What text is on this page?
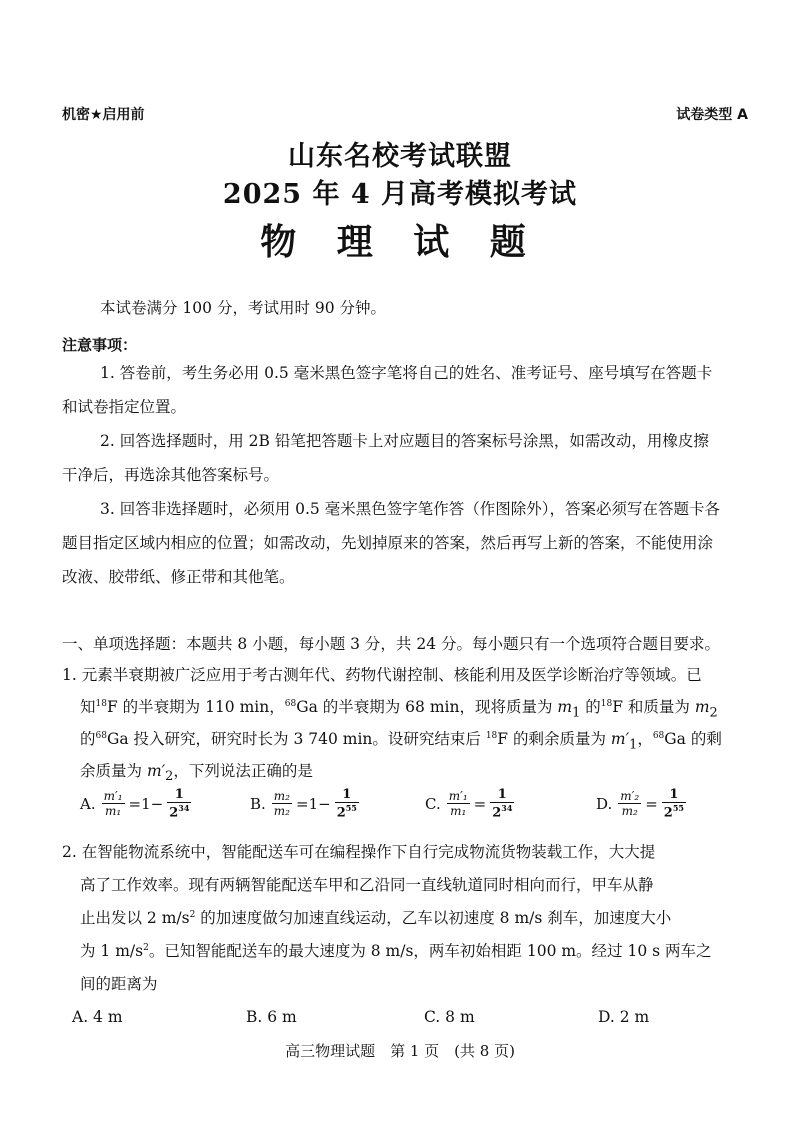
机密★启用前	试卷类型 A
山东名校考试联盟
2025 年 4 月高考模拟考试
物 理 试 题
本试卷满分 100 分，考试用时 90 分钟。
注意事项：
1. 答卷前，考生务必用 0.5 毫米黑色签字笔将自己的姓名、准考证号、座号填写在答题卡
和试卷指定位置。
2. 回答选择题时，用 2B 铅笔把答题卡上对应题目的答案标号涂黑，如需改动，用橡皮擦
干净后，再选涂其他答案标号。
3. 回答非选择题时，必须用 0.5 毫米黑色签字笔作答（作图除外），答案必须写在答题卡各
题目指定区域内相应的位置；如需改动，先划掉原来的答案，然后再写上新的答案，不能使用涂
改液、胶带纸、修正带和其他笔。
一、单项选择题：本题共 8 小题，每小题 3 分，共 24 分。每小题只有一个选项符合题目要求。
1. 元素半衰期被广泛应用于考古测年代、药物代谢控制、核能利用及医学诊断治疗等领域。已
知$^{18}$F 的半衰期为 110 min，$^{68}$Ga 的半衰期为 68 min，现将质量为 $m_1$ 的$^{18}$F 和质量为 $m_2$
的$^{68}$Ga 投入研究，研究时长为 3 740 min。设研究结束后 $^{18}$F 的剩余质量为 $m'_1$，$^{68}$Ga 的剩
余质量为 $m'_2$，下列说法正确的是
A. $\frac{\text{m′₁}}{\text{m₁}} =1- \frac{1}{2^{34}}$	B. $\frac{\text{m₂}}{\text{m₂}} =1- \frac{1}{2^{55}}$	C. $\frac{\text{m′₁}}{\text{m₁}} = \frac{1}{2^{34}}$	D. $\frac{\text{m′₂}}{\text{m₂}} = \frac{1}{2^{55}}$
2. 在智能物流系统中，智能配送车可在编程操作下自行完成物流货物装载工作，大大提
高了工作效率。现有两辆智能配送车甲和乙沿同一直线轨道同时相向而行，甲车从静
止出发以 2 $m/s^2$ 的加速度做匀加速直线运动，乙车以初速度 8 m/s 刹车，加速度大小
为 1 $m/s^2$。已知智能配送车的最大速度为 8 m/s，两车初始相距 100 m。经过 10 s 两车之
间的距离为
A. 4 m	B. 6 m	C. 8 m	D. 2 m
高三物理试题　第 1 页　(共 8 页)
